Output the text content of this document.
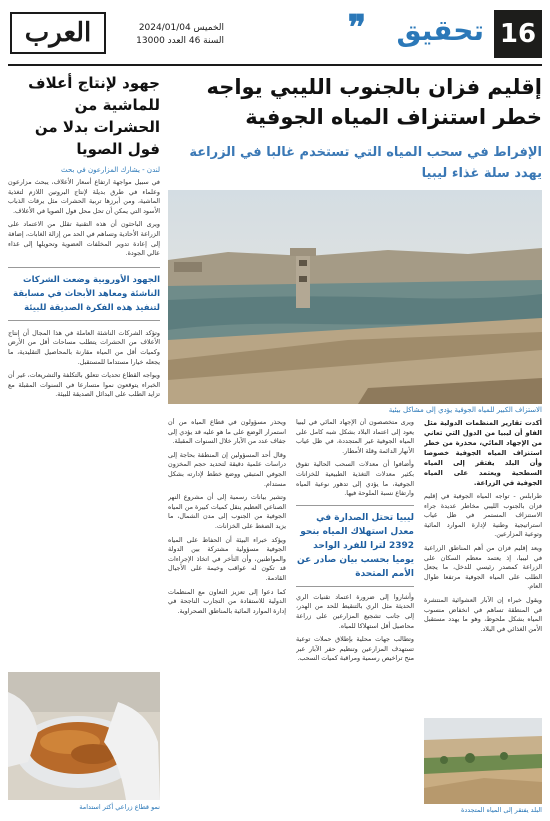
16
تحقيق
❞
الخميس 2024/01/04
السنة 46 العدد 13000
العرب
جهود لإنتاج أعلاف للماشية من الحشرات بدلا من فول الصويا
لندن - يشارك المزارعون في بحث
في سبيل مواجهة ارتفاع أسعار الأعلاف، يبحث مزارعون وعلماء في طرق بديلة لإنتاج البروتين اللازم لتغذية الماشية، ومن أبرزها تربية الحشرات مثل يرقات الذباب الأسود التي يمكن أن تحل محل فول الصويا في الأعلاف.
ويرى الباحثون أن هذه التقنية تقلل من الاعتماد على الزراعة الأحادية وتساهم في الحد من إزالة الغابات، إضافة إلى إعادة تدوير المخلفات العضوية وتحويلها إلى غذاء عالي الجودة.
الجهود الأوروبية وضعت الشركات الناشئة ومعاهد الأبحاث في مسابقة لتنفيذ هذه الفكرة الصديقة للبيئة
وتؤكد الشركات الناشئة العاملة في هذا المجال أن إنتاج الأعلاف من الحشرات يتطلب مساحات أقل من الأرض وكميات أقل من المياه مقارنة بالمحاصيل التقليدية، ما يجعله خيارا مستداما للمستقبل.
ويواجه القطاع تحديات تتعلق بالتكلفة والتشريعات، غير أن الخبراء يتوقعون نموا متسارعا في السنوات المقبلة مع تزايد الطلب على البدائل الصديقة للبيئة.
نمو قطاع زراعي أكثر استدامة
إقليم فزان بالجنوب الليبي يواجه خطر استنزاف المياه الجوفية
الإفراط في سحب المياه التي تستخدم غالبا في الزراعة يهدد سلة غذاء ليبيا
الاستزاف الكبير للمياه الجوفية يؤدي إلى مشاكل بيئية

أكدت تقارير المنظمات الدولية مثل الفاو أن ليبيا من الدول التي تعاني من الإجهاد المائي، محذرة من خطر استنزاف المياه الجوفية خصوصا وأن البلد يفتقر إلى المياه السطحية ويعتمد على المياه الجوفية في الزراعة.

طرابلس - تواجه المياه الجوفية في إقليم فزان بالجنوب الليبي مخاطر عديدة جراء الاستنزاف المستمر في ظل غياب استراتيجية وطنية لإدارة الموارد المائية وتوعية المزارعين.

ويعد إقليم فزان من أهم المناطق الزراعية في ليبيا، إذ يعتمد معظم السكان على الزراعة كمصدر رئيسي للدخل، ما يجعل الطلب على المياه الجوفية مرتفعا طوال العام.

ويقول خبراء إن الآبار العشوائية المنتشرة في المنطقة تساهم في انخفاض منسوب المياه بشكل ملحوظ، وهو ما يهدد مستقبل الأمن الغذائي في البلاد.

البلد يفتقر إلى المياه المتجددة

ويرى متخصصون أن الإجهاد المائي في ليبيا يعود إلى اعتماد البلاد بشكل شبه كامل على المياه الجوفية غير المتجددة، في ظل غياب الأنهار الدائمة وقلة الأمطار.

وأضافوا أن معدلات السحب الحالية تفوق بكثير معدلات التغذية الطبيعية للخزانات الجوفية، ما يؤدي إلى تدهور نوعية المياه وارتفاع نسبة الملوحة فيها.

ليبيا تحتل الصدارة في معدل استهلاك المياه بنحو 2392 لترا للفرد الواحد يوميا بحسب بيان صادر عن الأمم المتحدة

وأشاروا إلى ضرورة اعتماد تقنيات الري الحديثة مثل الري بالتنقيط للحد من الهدر، إلى جانب تشجيع المزارعين على زراعة محاصيل أقل استهلاكا للمياه.

وتطالب جهات محلية بإطلاق حملات توعية تستهدف المزارعين وتنظيم حفر الآبار عبر منح تراخيص رسمية ومراقبة كميات السحب.

ويحذر مسؤولون في قطاع المياه من أن استمرار الوضع على ما هو عليه قد يؤدي إلى جفاف عدد من الآبار خلال السنوات المقبلة.

وقال أحد المسؤولين إن المنطقة بحاجة إلى دراسات علمية دقيقة لتحديد حجم المخزون الجوفي المتبقي ووضع خطط لإدارته بشكل مستدام.

وتشير بيانات رسمية إلى أن مشروع النهر الصناعي العظيم ينقل كميات كبيرة من المياه الجوفية من الجنوب إلى مدن الشمال، ما يزيد الضغط على الخزانات.

ويؤكد خبراء البيئة أن الحفاظ على المياه الجوفية مسؤولية مشتركة بين الدولة والمواطنين، وأن التأخر في اتخاذ الإجراءات قد تكون له عواقب وخيمة على الأجيال القادمة.

كما دعوا إلى تعزيز التعاون مع المنظمات الدولية للاستفادة من التجارب الناجحة في إدارة الموارد المائية بالمناطق الصحراوية.
